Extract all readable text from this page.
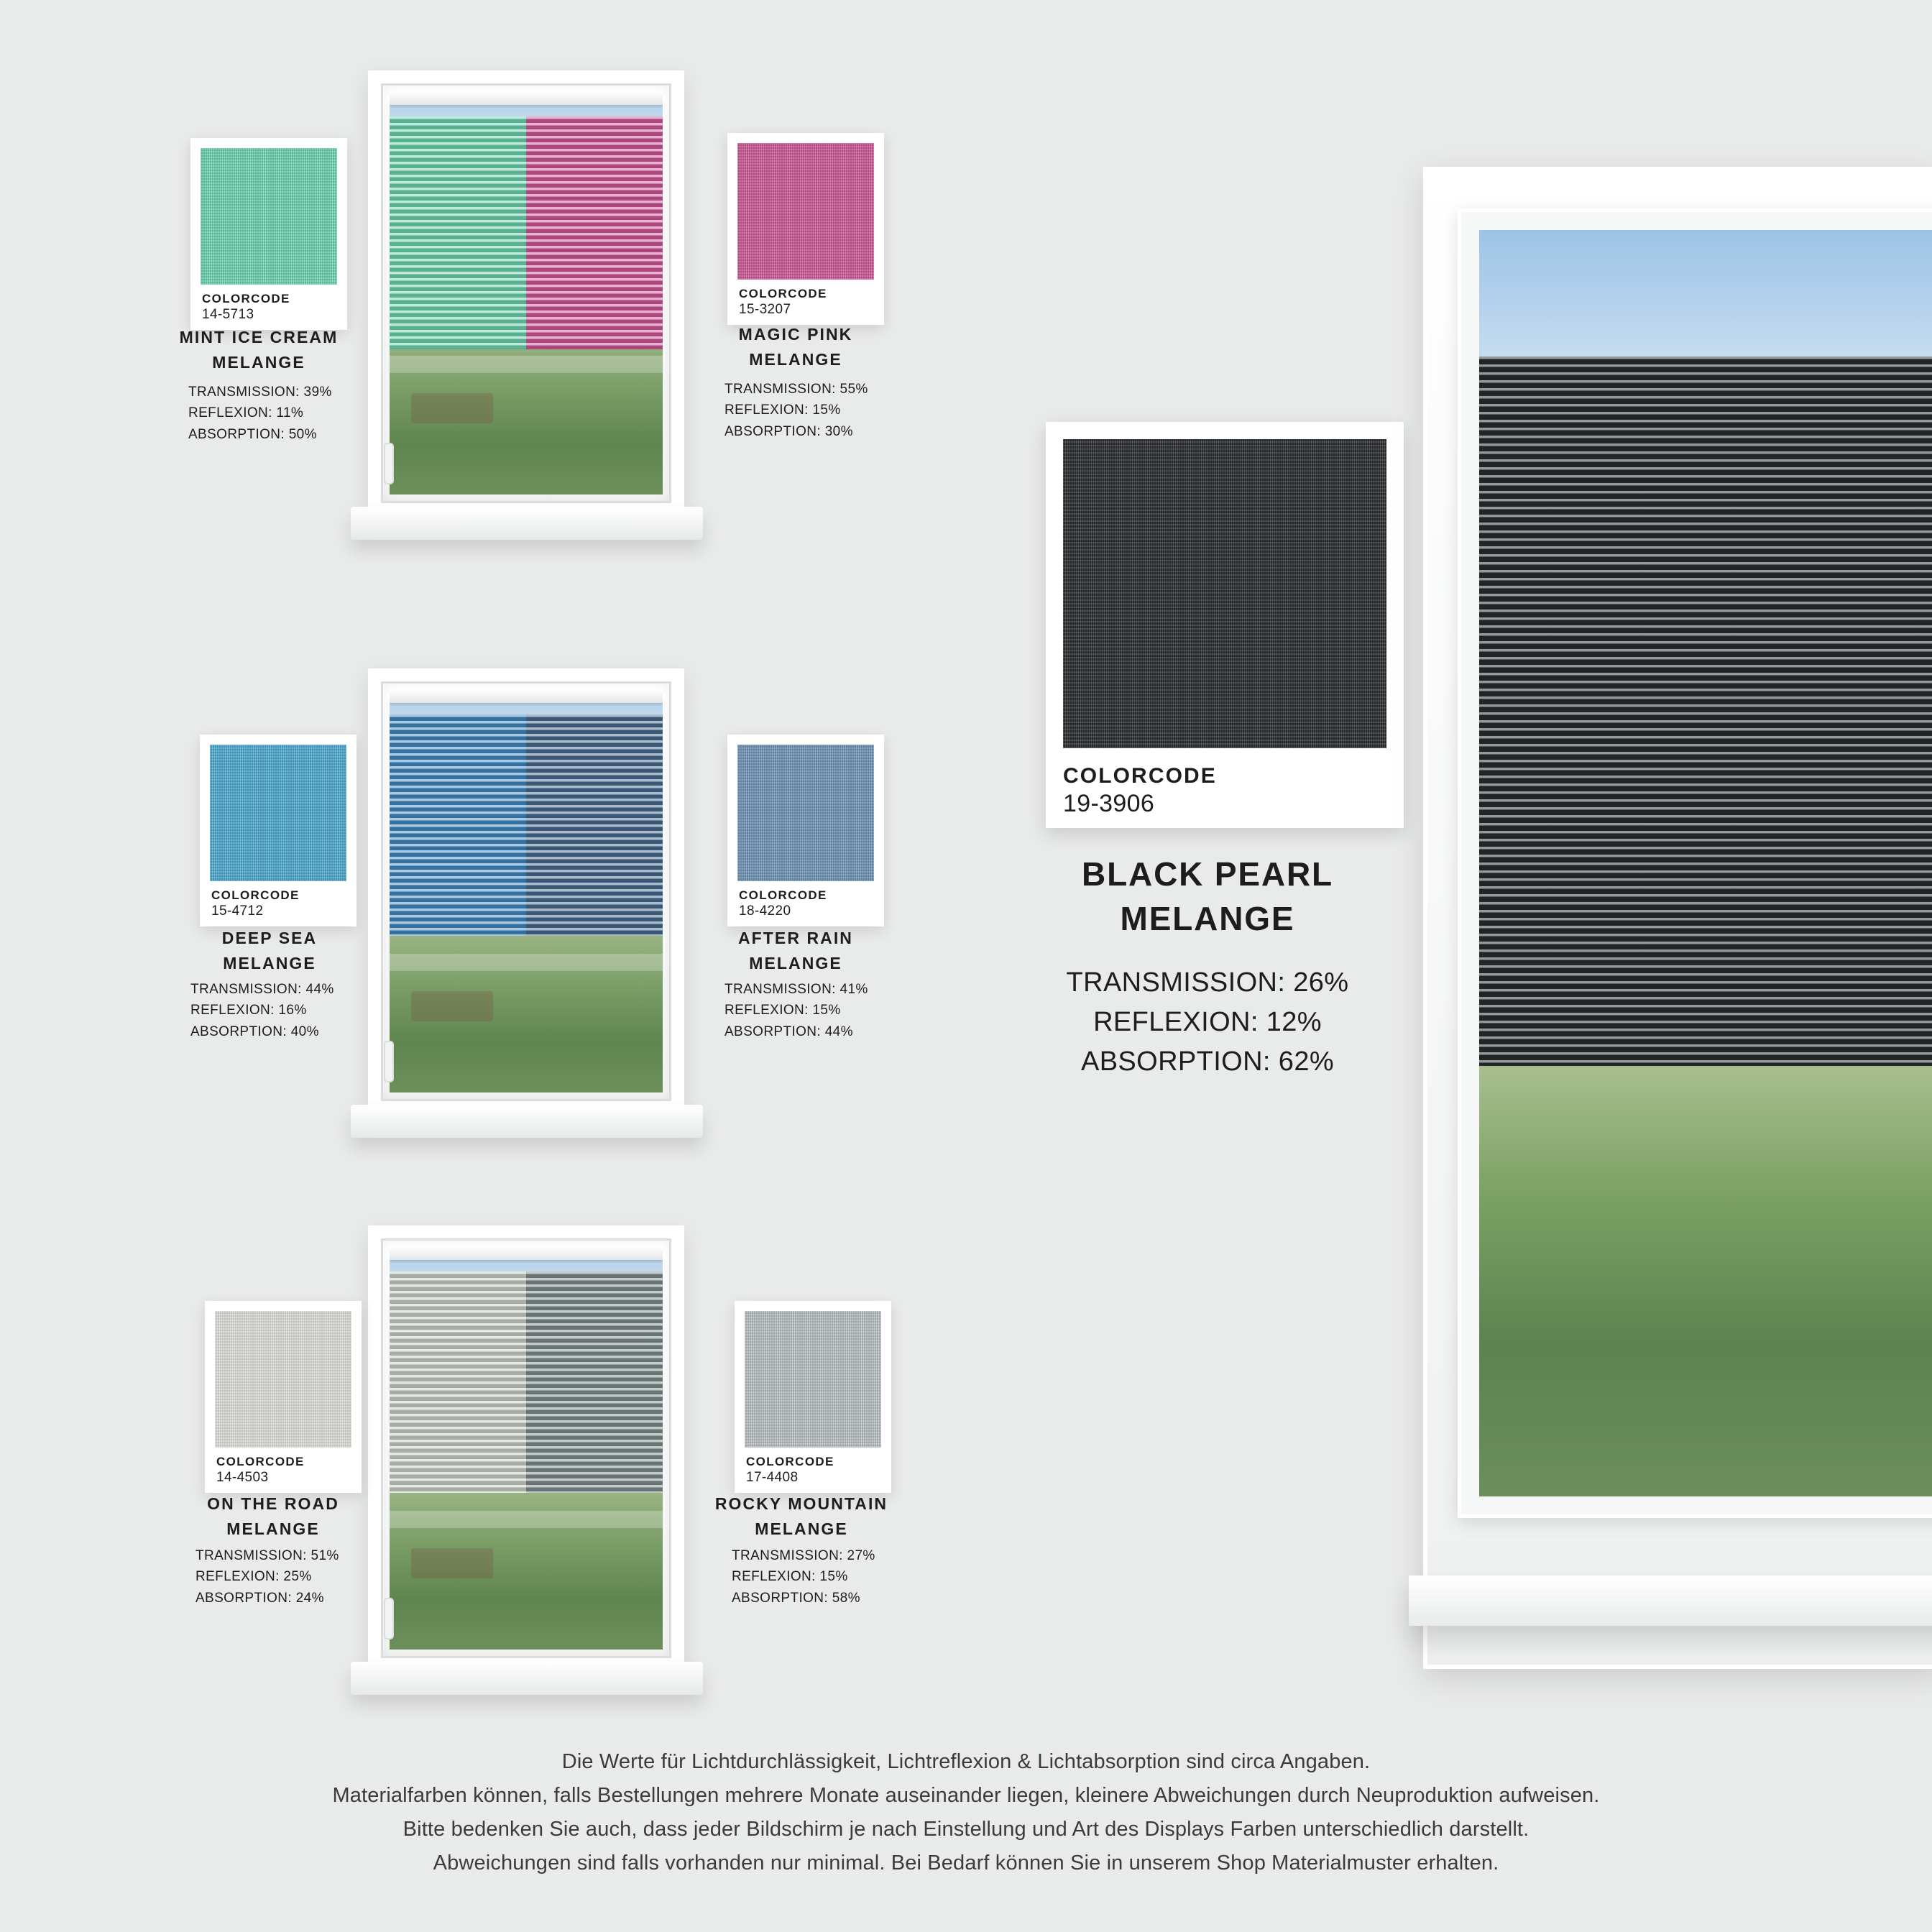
COLORCODE
14-5713
MINT ICE CREAM
MELANGE
TRANSMISSION: 39%
REFLEXION: 11%
ABSORPTION: 50%
COLORCODE
15-3207
MAGIC PINK
MELANGE
TRANSMISSION: 55%
REFLEXION: 15%
ABSORPTION: 30%
COLORCODE
15-4712
DEEP SEA
MELANGE
TRANSMISSION: 44%
REFLEXION: 16%
ABSORPTION: 40%
COLORCODE
18-4220
AFTER RAIN
MELANGE
TRANSMISSION: 41%
REFLEXION: 15%
ABSORPTION: 44%
COLORCODE
14-4503
ON THE ROAD
MELANGE
TRANSMISSION: 51%
REFLEXION: 25%
ABSORPTION: 24%
COLORCODE
17-4408
ROCKY MOUNTAIN
MELANGE
TRANSMISSION: 27%
REFLEXION: 15%
ABSORPTION: 58%
COLORCODE
19-3906
BLACK PEARL
MELANGE
TRANSMISSION: 26%
REFLEXION: 12%
ABSORPTION: 62%
Die Werte für Lichtdurchlässigkeit, Lichtreflexion & Lichtabsorption sind circa Angaben.
Materialfarben können, falls Bestellungen mehrere Monate auseinander liegen, kleinere Abweichungen durch Neuproduktion aufweisen.
Bitte bedenken Sie auch, dass jeder Bildschirm je nach Einstellung und Art des Displays Farben unterschiedlich darstellt.
Abweichungen sind falls vorhanden nur minimal. Bei Bedarf können Sie in unserem Shop Materialmuster erhalten.
